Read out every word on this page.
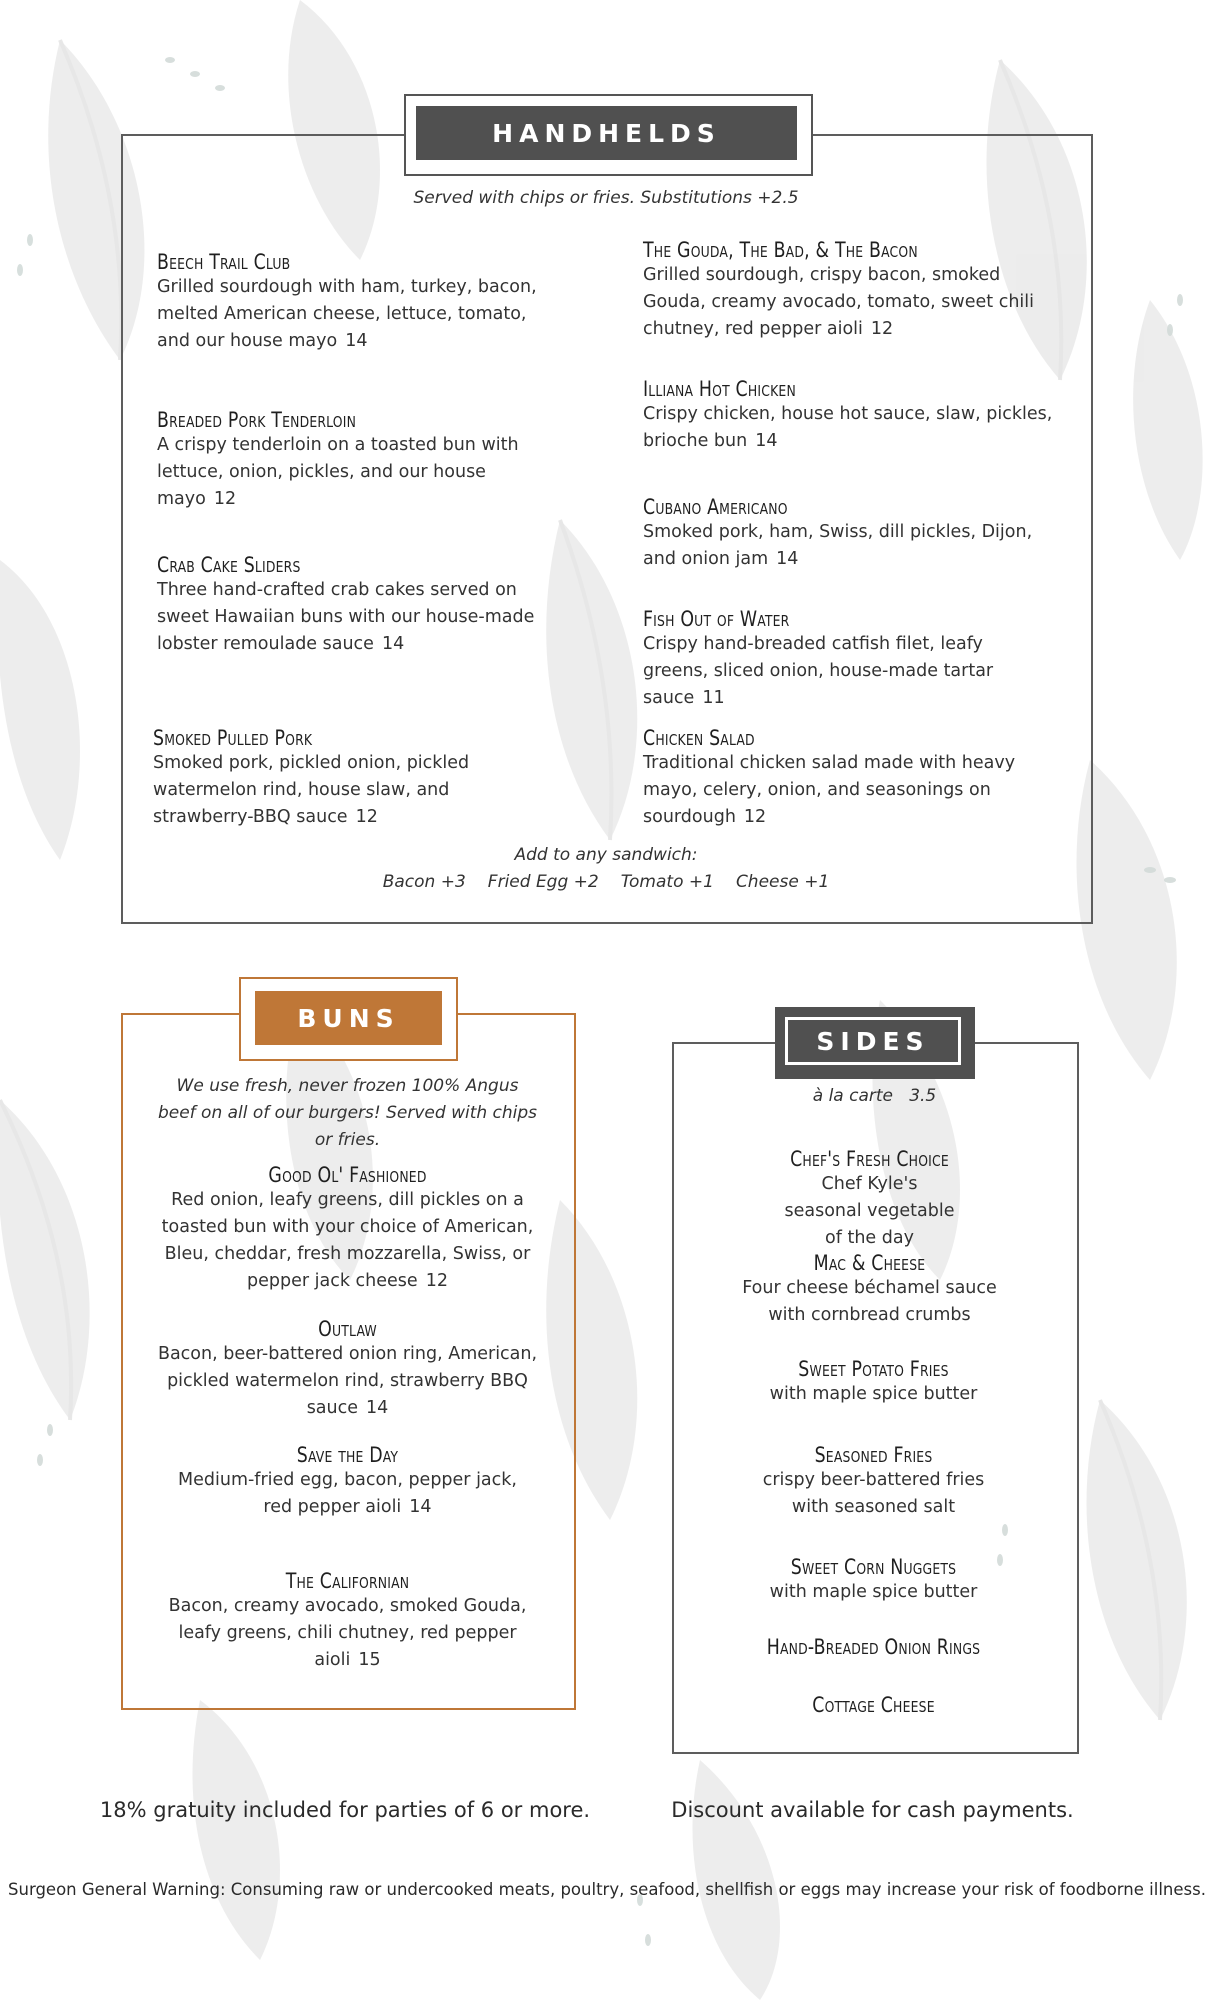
HANDHELDS
Served with chips or fries. Substitutions +2.5
Beech Trail Club
Grilled sourdough with ham, turkey, bacon, melted American cheese, lettuce, tomato, and our house mayo 14
Breaded Pork Tenderloin
A crispy tenderloin on a toasted bun with lettuce, onion, pickles, and our house mayo 12
Crab Cake Sliders
Three hand-crafted crab cakes served on sweet Hawaiian buns with our house-made lobster remoulade sauce 14
Smoked Pulled Pork
Smoked pork, pickled onion, pickled watermelon rind, house slaw, and strawberry-BBQ sauce 12
The Gouda, The Bad, & The Bacon
Grilled sourdough, crispy bacon, smoked Gouda, creamy avocado, tomato, sweet chili chutney, red pepper aioli 12
Illiana Hot Chicken
Crispy chicken, house hot sauce, slaw, pickles, brioche bun 14
Cubano Americano
Smoked pork, ham, Swiss, dill pickles, Dijon, and onion jam 14
Fish Out of Water
Crispy hand-breaded catfish filet, leafy greens, sliced onion, house-made tartar sauce 11
Chicken Salad
Traditional chicken salad made with heavy mayo, celery, onion, and seasonings on sourdough 12
Add to any sandwich:
Bacon +3 Fried Egg +2 Tomato +1 Cheese +1
BUNS
We use fresh, never frozen 100% Angus beef on all of our burgers! Served with chips or fries.
Good Ol' Fashioned
Red onion, leafy greens, dill pickles on a toasted bun with your choice of American, Bleu, cheddar, fresh mozzarella, Swiss, or pepper jack cheese 12
Outlaw
Bacon, beer-battered onion ring, American, pickled watermelon rind, strawberry BBQ sauce 14
Save the Day
Medium-fried egg, bacon, pepper jack, red pepper aioli 14
The Californian
Bacon, creamy avocado, smoked Gouda, leafy greens, chili chutney, red pepper aioli 15
SIDES
à la carte   3.5
Chef's Fresh Choice
Chef Kyle's seasonal vegetable of the day
Mac & Cheese
Four cheese béchamel sauce with cornbread crumbs
Sweet Potato Fries
with maple spice butter
Seasoned Fries
crispy beer-battered fries with seasoned salt
Sweet Corn Nuggets
with maple spice butter
Hand-Breaded Onion Rings
Cottage Cheese
18% gratuity included for parties of 6 or more.	Discount available for cash payments.
Surgeon General Warning: Consuming raw or undercooked meats, poultry, seafood, shellfish or eggs may increase your risk of foodborne illness.
